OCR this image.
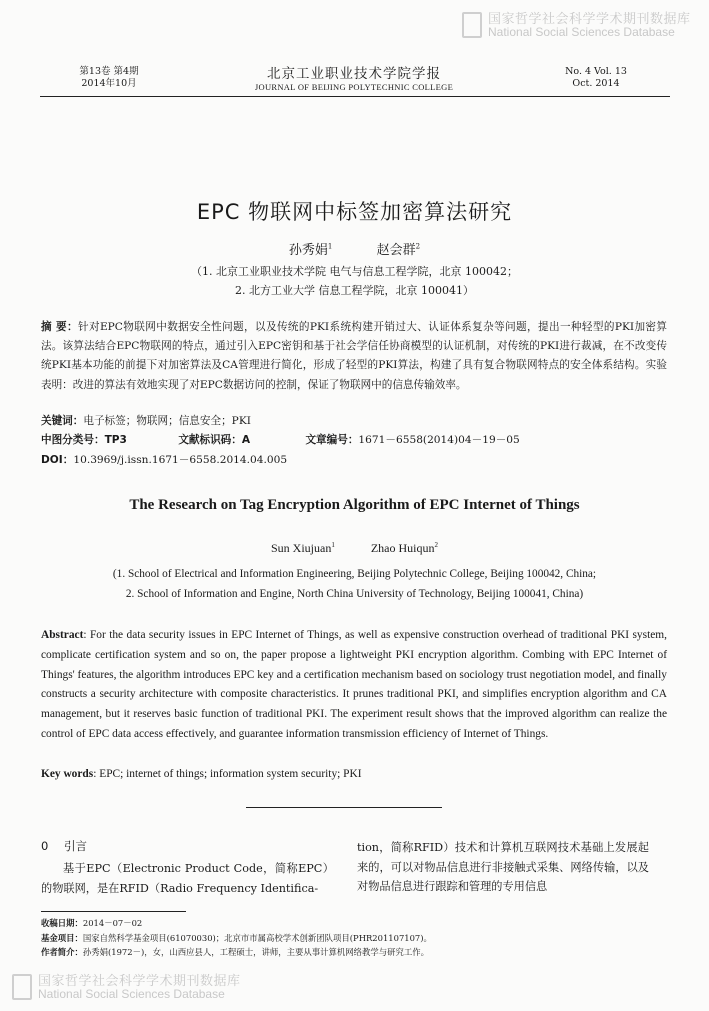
国家哲学社会科学学术期刊数据库
National Social Sciences Database
第13卷 第4期
2014年10月
北京工业职业技术学院学报
JOURNAL OF BEIJING POLYTECHNIC COLLEGE
No. 4 Vol. 13
Oct. 2014
EPC 物联网中标签加密算法研究
孙秀娟$^1$	赵会群$^2$
（1. 北京工业职业技术学院 电气与信息工程学院，北京 100042；
2. 北方工业大学 信息工程学院，北京 100041）
摘 要：针对EPC物联网中数据安全性问题，以及传统的PKI系统构建开销过大、认证体系复杂等问题，提出一种轻型的PKI加密算法。该算法结合EPC物联网的特点，通过引入EPC密钥和基于社会学信任协商模型的认证机制，对传统的PKI进行裁减，在不改变传统PKI基本功能的前提下对加密算法及CA管理进行简化，形成了轻型的PKI算法，构建了具有复合物联网特点的安全体系结构。实验表明：改进的算法有效地实现了对EPC数据访问的控制，保证了物联网中的信息传输效率。
关键词：电子标签；物联网；信息安全；PKI
中图分类号：TP3	文献标识码：A	文章编号：1671－6558(2014)04－19－05
DOI：10.3969/j.issn.1671－6558.2014.04.005
The Research on Tag Encryption Algorithm of EPC Internet of Things
Sun Xiujuan$^1$	Zhao Huiqun$^2$
(1. School of Electrical and Information Engineering, Beijing Polytechnic College, Beijing 100042, China;
2. School of Information and Engine, North China University of Technology, Beijing 100041, China)
Abstract: For the data security issues in EPC Internet of Things, as well as expensive construction overhead of traditional PKI system, complicate certification system and so on, the paper propose a lightweight PKI encryption algorithm. Combing with EPC Internet of Things' features, the algorithm introduces EPC key and a certification mechanism based on sociology trust negotiation model, and finally constructs a security architecture with composite characteristics. It prunes traditional PKI, and simplifies encryption algorithm and CA management, but it reserves basic function of traditional PKI. The experiment result shows that the improved algorithm can realize the control of EPC data access effectively, and guarantee information transmission efficiency of Internet of Things.
Key words: EPC; internet of things; information system security; PKI
0 引言
基于EPC（Electronic Product Code，简称EPC）的物联网，是在RFID（Radio Frequency Identifica-
tion，简称RFID）技术和计算机互联网技术基础上发展起来的，可以对物品信息进行非接触式采集、网络传输，以及对物品信息进行跟踪和管理的专用信息
收稿日期：2014－07－02
基金项目：国家自然科学基金项目(61070030)；北京市市属高校学术创新团队项目(PHR201107107)。
作者简介：孙秀娟(1972－)，女，山西应县人，工程硕士，讲师，主要从事计算机网络教学与研究工作。
国家哲学社会科学学术期刊数据库
National Social Sciences Database
